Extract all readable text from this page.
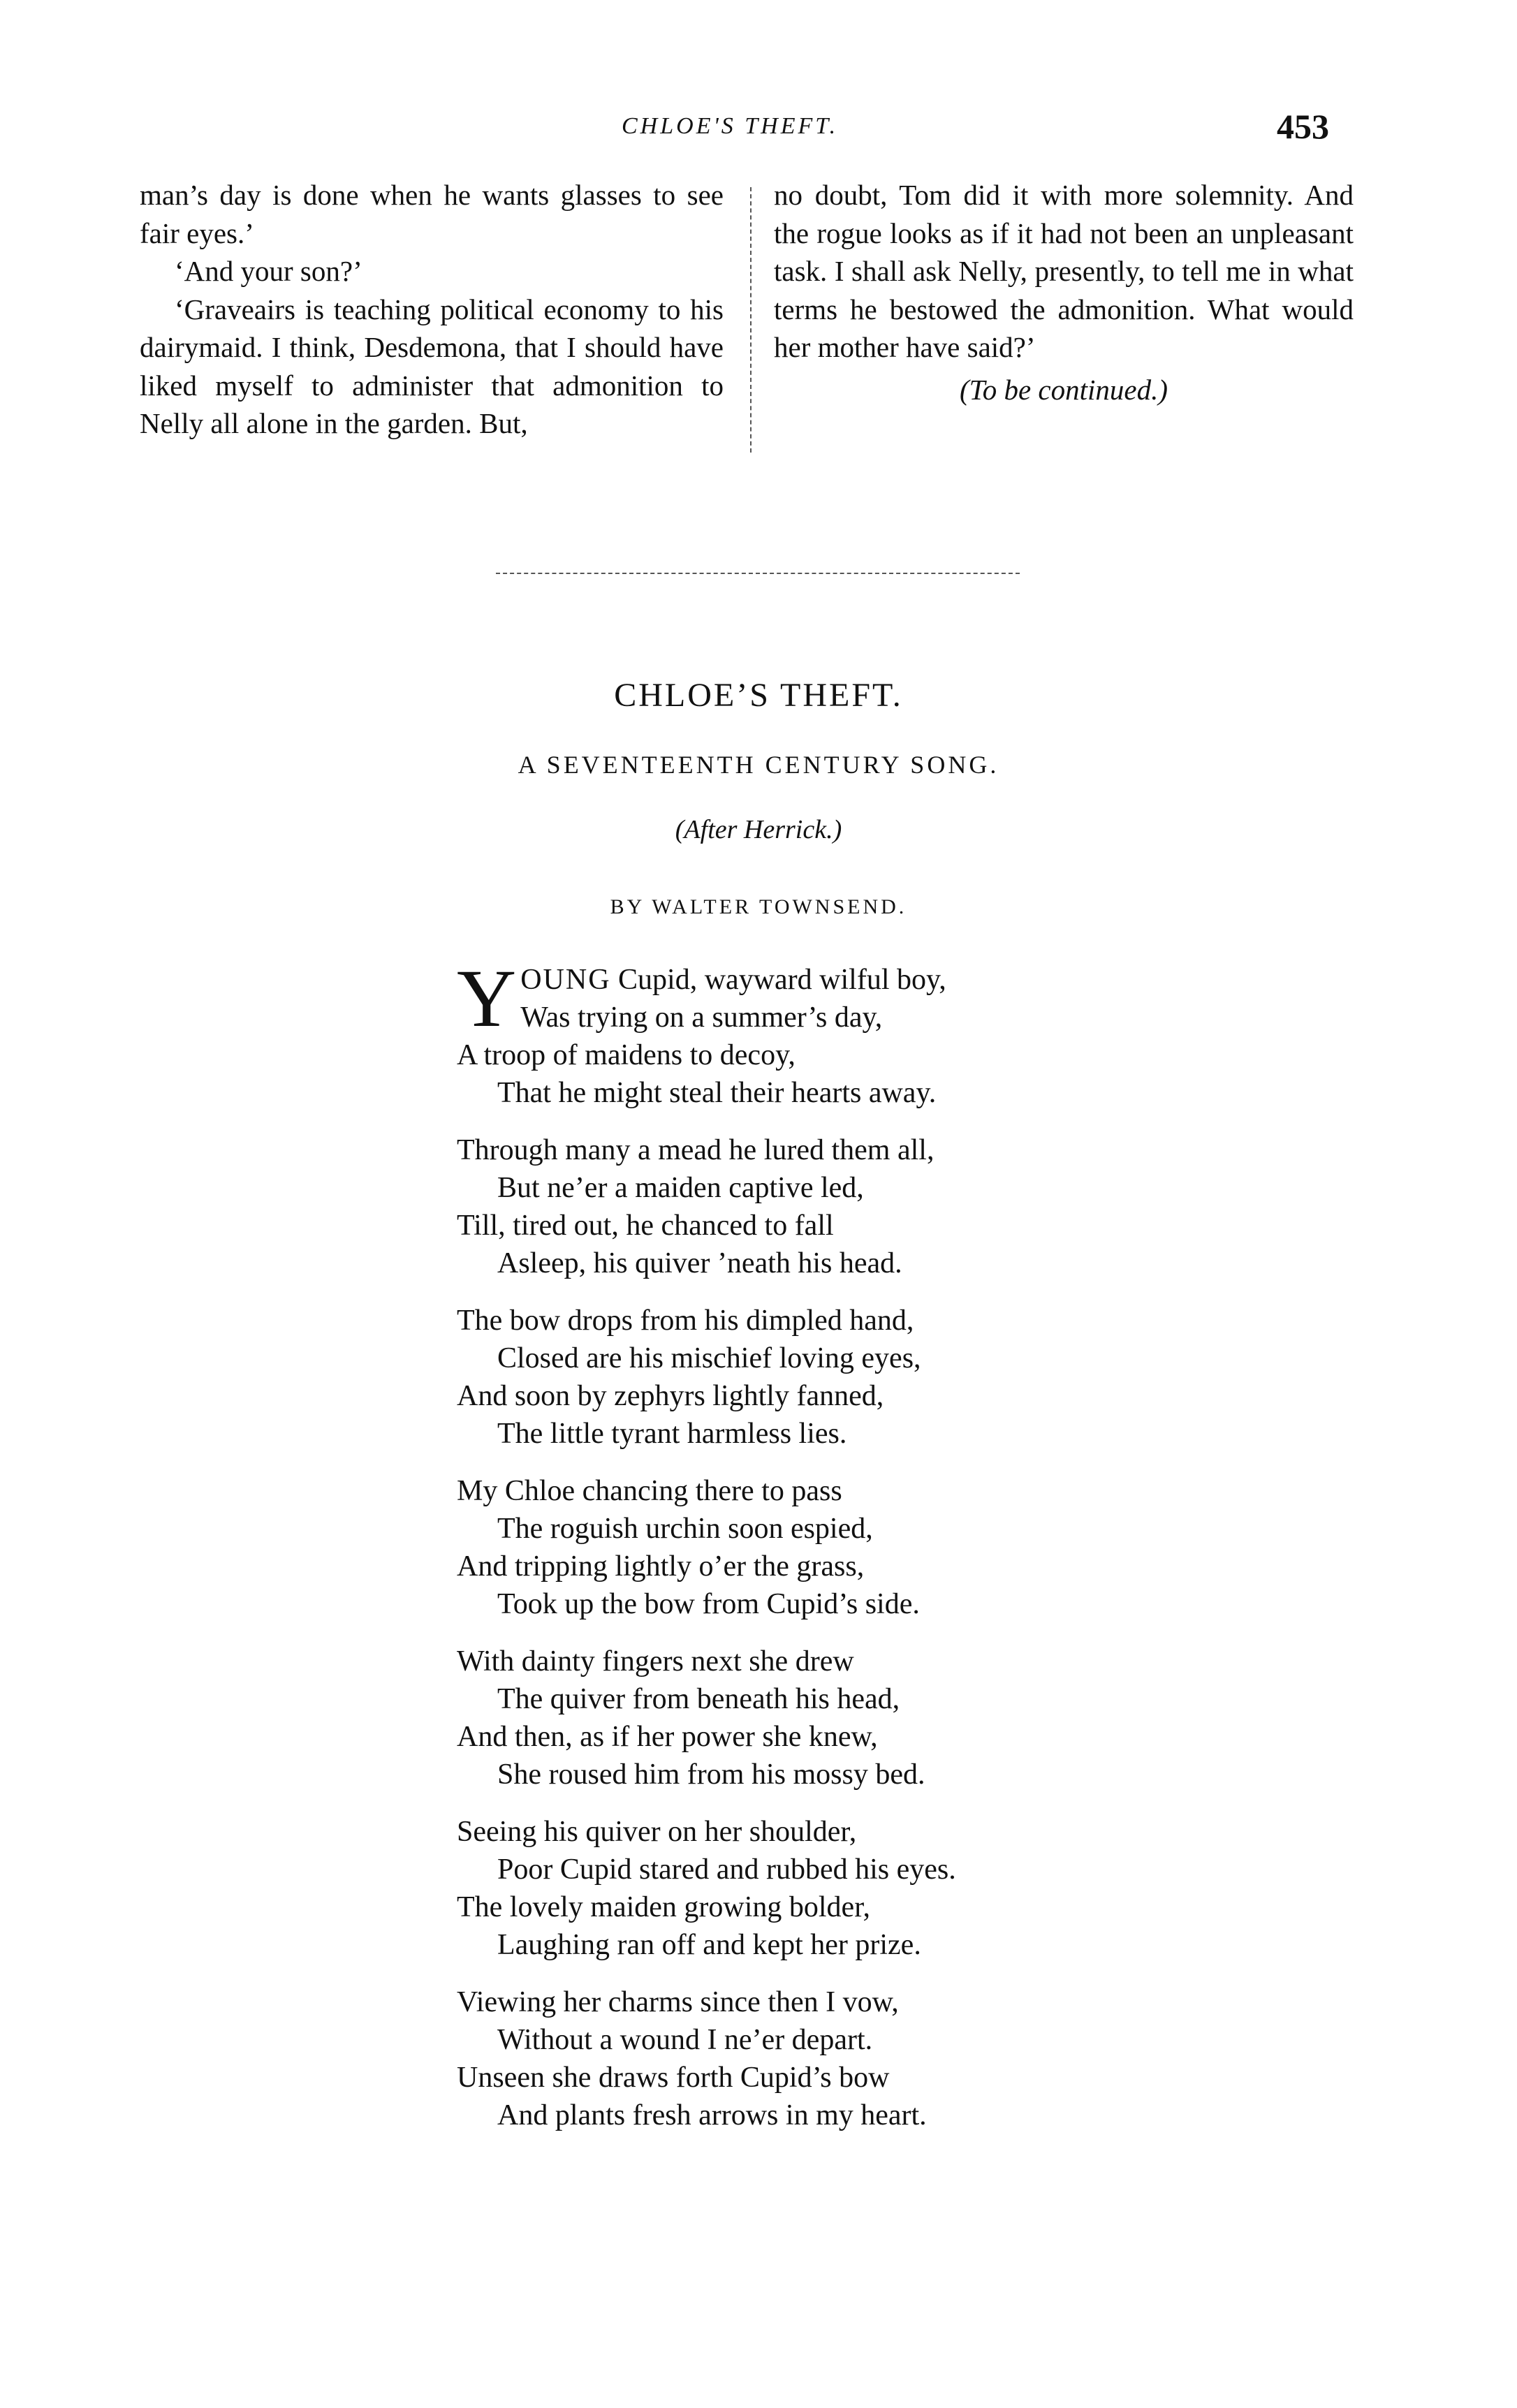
CHLOE'S THEFT.	453

man’s day is done when he wants glasses to see fair eyes.’

‘And your son?’

‘Graveairs is teaching political economy to his dairymaid. I think, Desdemona, that I should have liked myself to administer that admonition to Nelly all alone in the garden. But,

no doubt, Tom did it with more solemnity. And the rogue looks as if it had not been an unpleasant task. I shall ask Nelly, presently, to tell me in what terms he bestowed the admonition. What would her mother have said?’

(To be continued.)

CHLOE’S THEFT.
A SEVENTEENTH CENTURY SONG.
(After Herrick.)
BY WALTER TOWNSEND.
YOUNG Cupid, wayward wilful boy,
Was trying on a summer’s day,
A troop of maidens to decoy,
That he might steal their hearts away.
Through many a mead he lured them all,
But ne’er a maiden captive led,
Till, tired out, he chanced to fall
Asleep, his quiver ’neath his head.
The bow drops from his dimpled hand,
Closed are his mischief loving eyes,
And soon by zephyrs lightly fanned,
The little tyrant harmless lies.
My Chloe chancing there to pass
The roguish urchin soon espied,
And tripping lightly o’er the grass,
Took up the bow from Cupid’s side.
With dainty fingers next she drew
The quiver from beneath his head,
And then, as if her power she knew,
She roused him from his mossy bed.
Seeing his quiver on her shoulder,
Poor Cupid stared and rubbed his eyes.
The lovely maiden growing bolder,
Laughing ran off and kept her prize.
Viewing her charms since then I vow,
Without a wound I ne’er depart.
Unseen she draws forth Cupid’s bow
And plants fresh arrows in my heart.
